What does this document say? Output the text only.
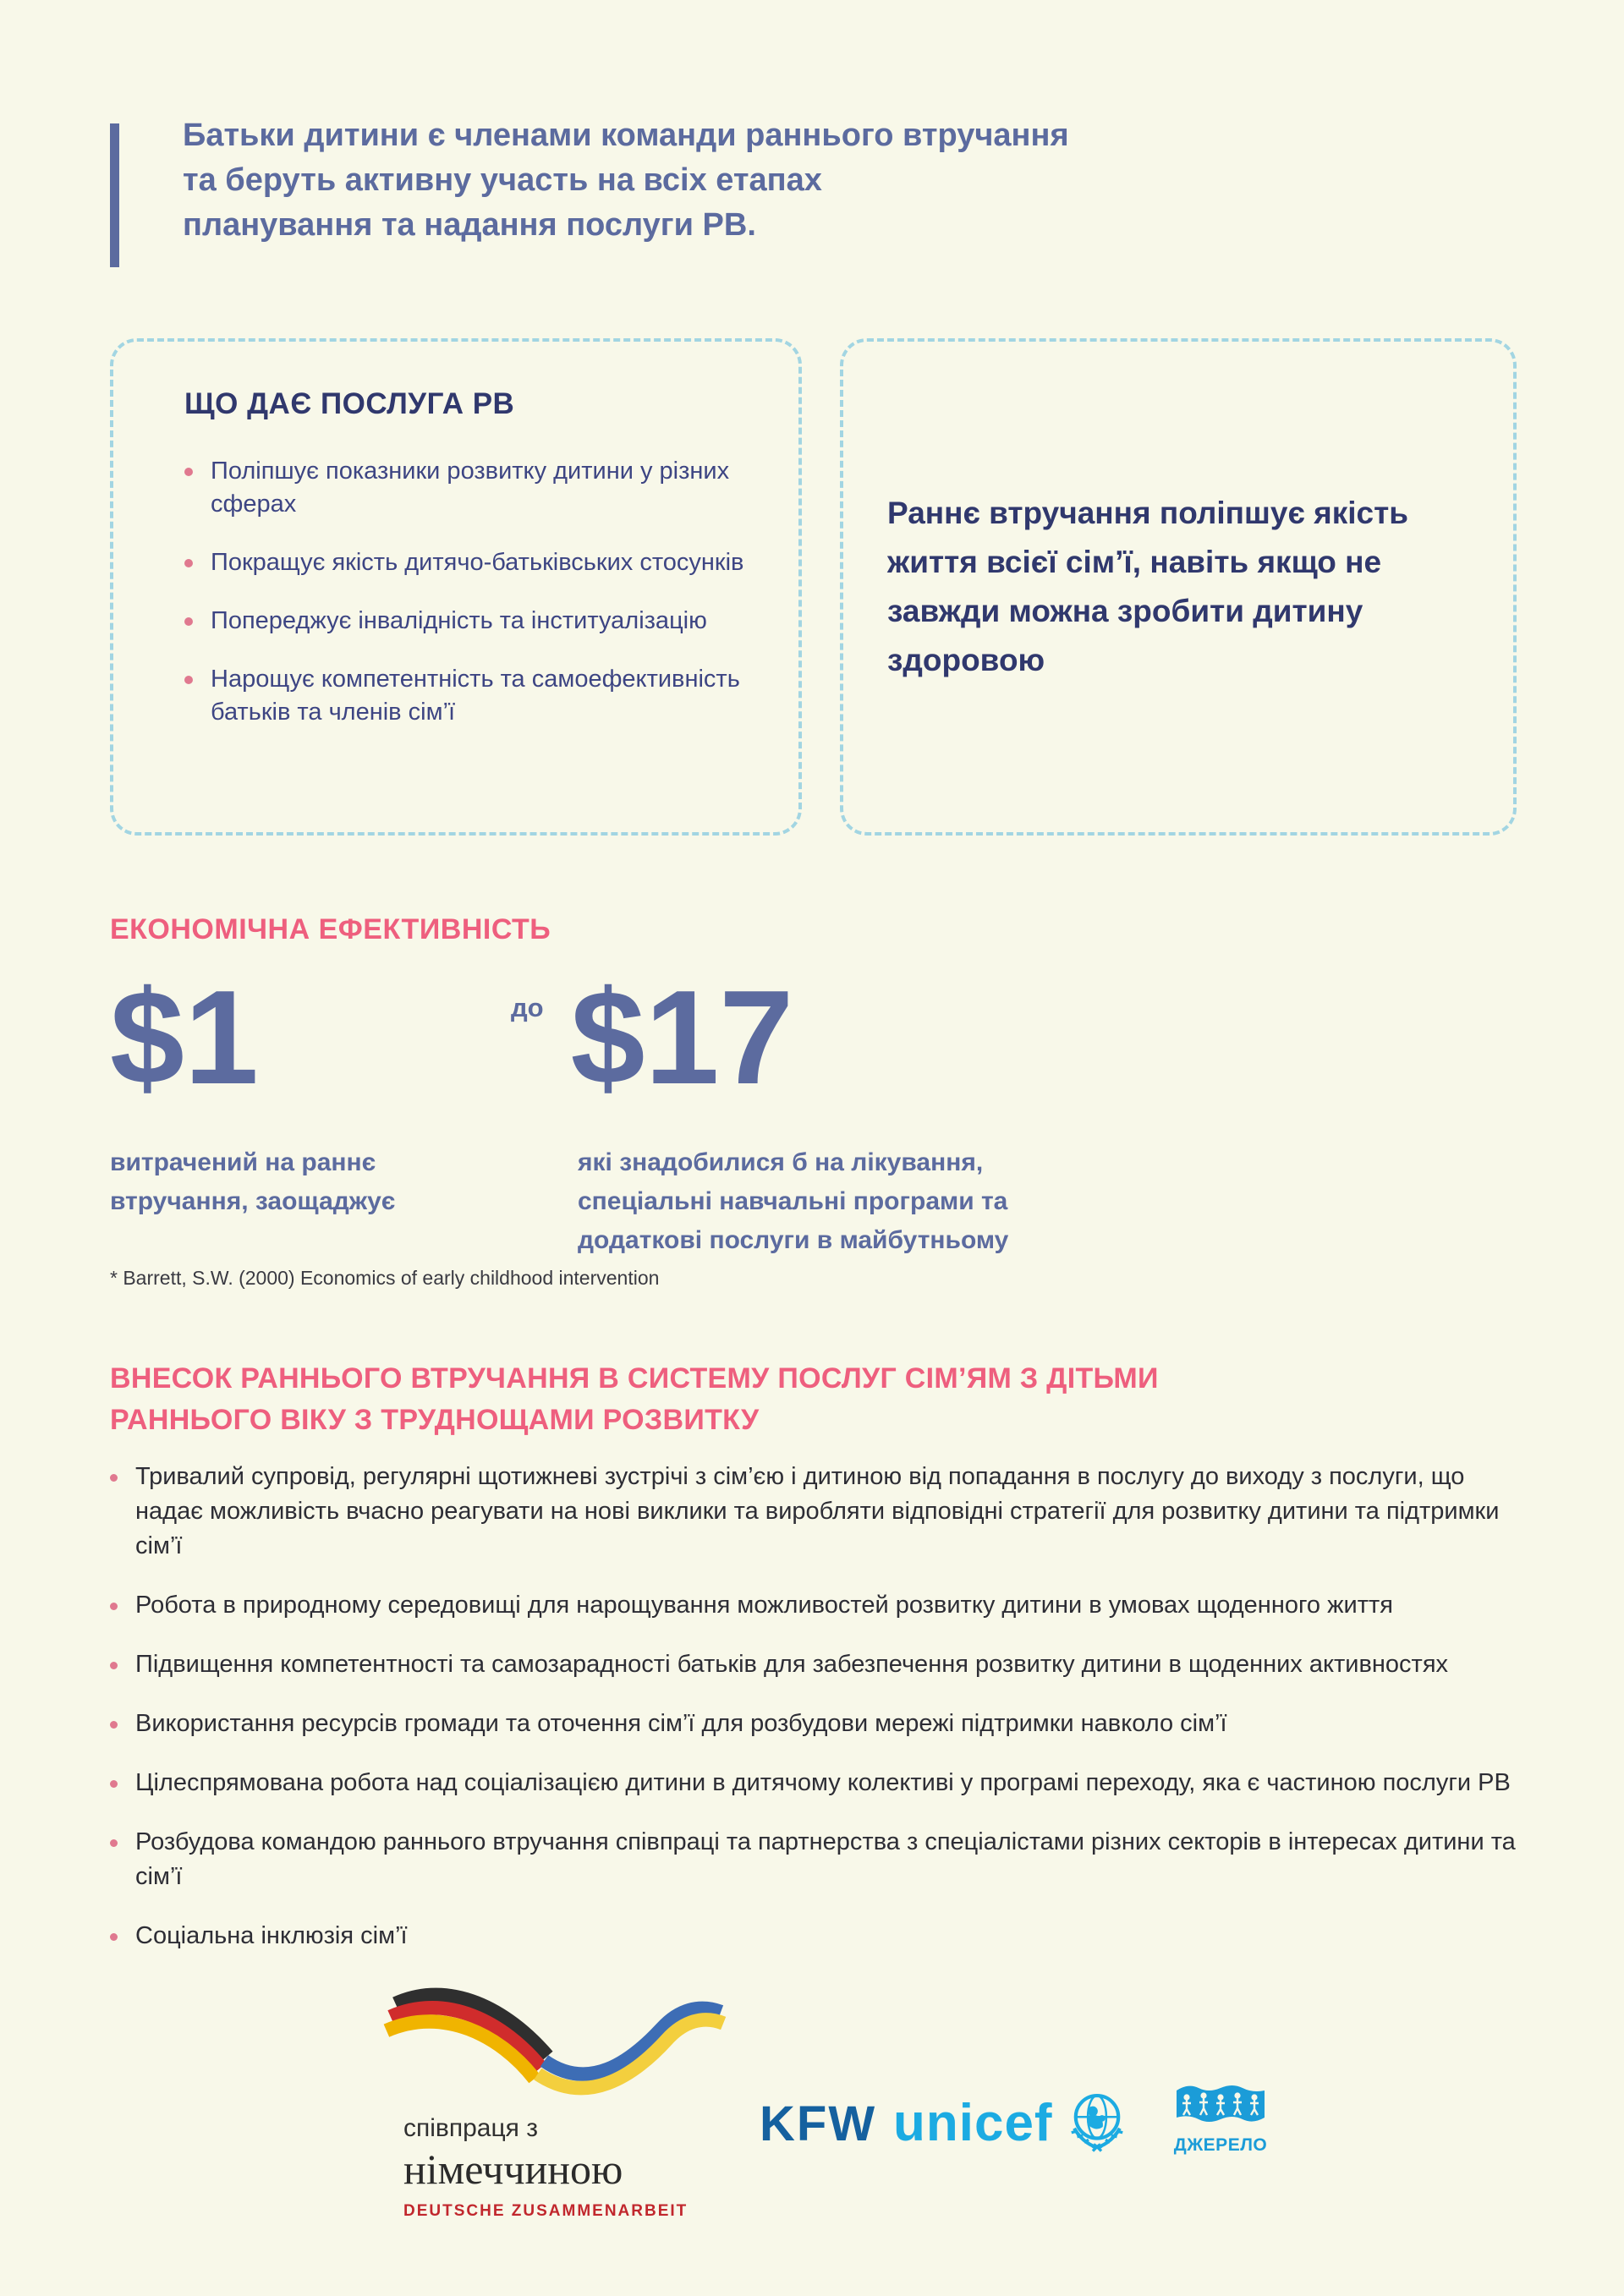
Батьки дитини є членами команди раннього втручання
та беруть активну участь на всіх етапах
планування та надання послуги РВ.
ЩО ДАЄ ПОСЛУГА РВ
Поліпшує показники розвитку дитини у різних сферах
Покращує якість дитячо-батьківських стосунків
Попереджує інвалідність та інституалізацію
Нарощує компетентність та самоефективність батьків та членів сім’ї

Раннє втручання поліпшує якість життя всієї сім’ї, навіть якщо не завжди можна зробити дитину здоровою

ЕКОНОМІЧНА ЕФЕКТИВНІСТЬ
$1	до $17
витрачений на раннє втручання, заощаджує
які знадобилися б на лікування, спеціальні навчальні програми та додаткові послуги в майбутньому
* Barrett, S.W. (2000) Economics of early childhood intervention
ВНЕСОК РАННЬОГО ВТРУЧАННЯ В СИСТЕМУ ПОСЛУГ СІМ’ЯМ З ДІТЬМИ РАННЬОГО ВІКУ З ТРУДНОЩАМИ РОЗВИТКУ
Тривалий супровід, регулярні щотижневі зустрічі з сім’єю і дитиною від попадання в послугу до виходу з послуги, що надає можливість вчасно реагувати на нові виклики та виробляти відповідні стратегії для розвитку дитини та підтримки сім’ї
Робота в природному середовищі для нарощування можливостей розвитку дитини в умовах щоденного життя
Підвищення компетентності та самозарадності батьків для забезпечення розвитку дитини в щоденних активностях
Використання ресурсів громади та оточення сім’ї для розбудови мережі підтримки навколо сім’ї
Цілеспрямована робота над соціалізацією дитини в дитячому колективі у програмі переходу, яка є частиною послуги РВ
Розбудова командою раннього втручання співпраці та партнерства з спеціалістами різних секторів в інтересах дитини та сім’ї
Соціальна інклюзія сім’ї
співпраця з
німеччиною
DEUTSCHE ZUSAMMENARBEIT
KFW unicef	ДЖЕРЕЛО
